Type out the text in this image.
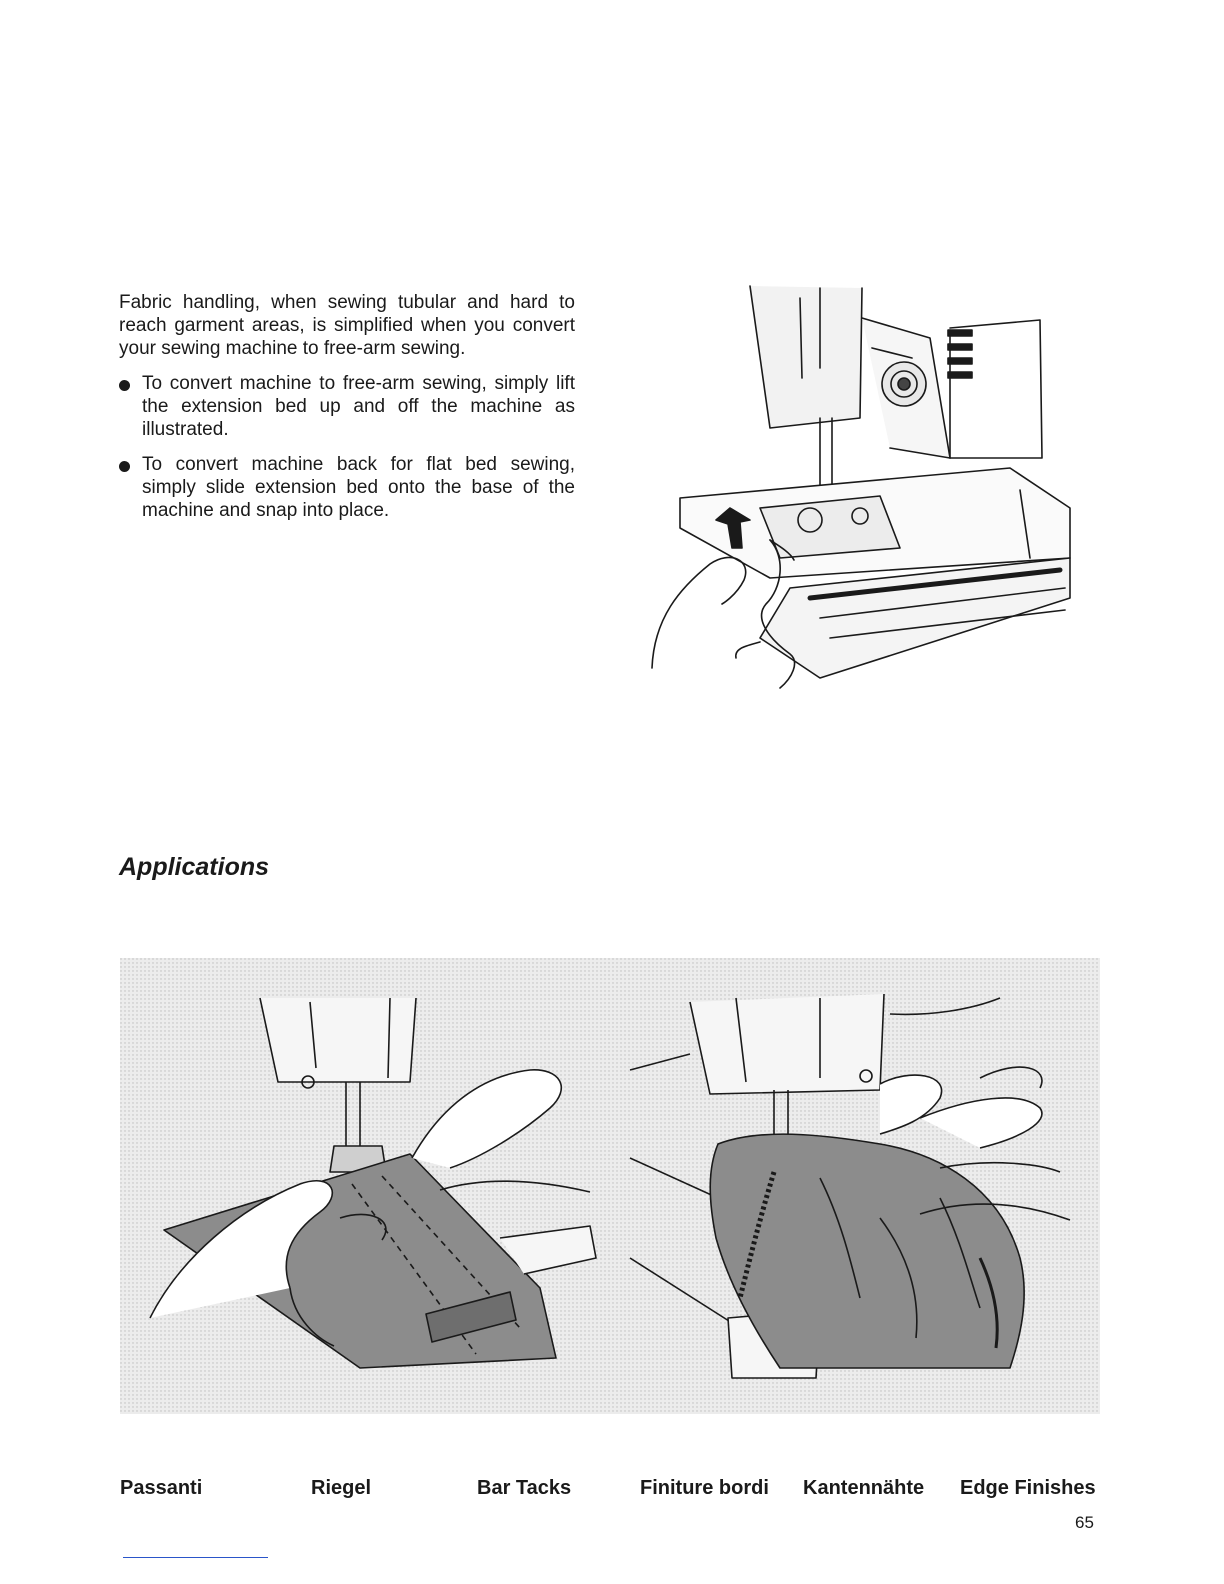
Fabric handling, when sewing tubular and hard to reach garment areas, is simplified when you convert your sewing machine to free-arm sewing.

To convert machine to free-arm sewing, simply lift the extension bed up and off the machine as illustrated.
To convert machine back for flat bed sewing, simply slide extension bed onto the base of the machine and snap into place.
Applications
Passanti	Riegel	Bar Tacks	Finiture bordi Kantennähte Edge Finishes
65
